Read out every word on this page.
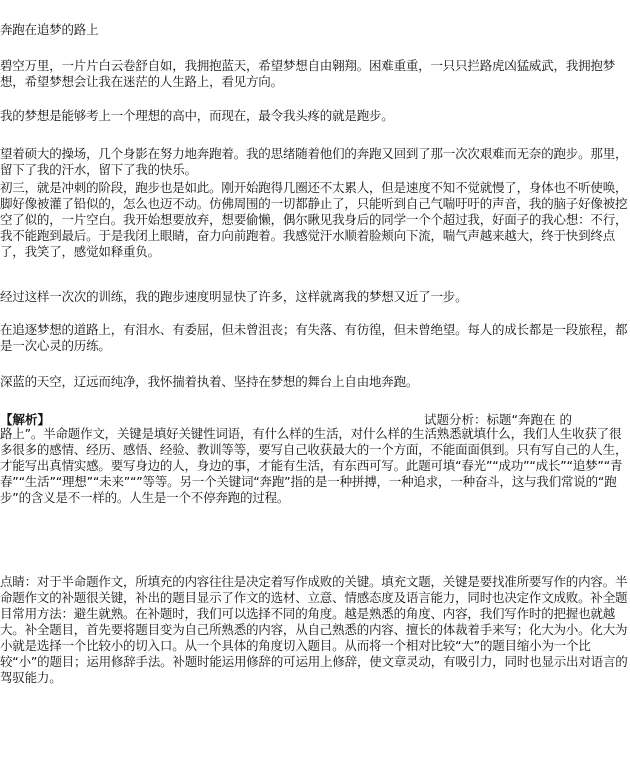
奔跑在追梦的路上
碧空万里，一片片白云卷舒自如，我拥抱蓝天，希望梦想自由翱翔。困难重重，一只只拦路虎凶猛威武，我拥抱梦想，希望梦想会让我在迷茫的人生路上，看见方向。
我的梦想是能够考上一个理想的高中，而现在，最令我头疼的就是跑步。
望着硕大的操场，几个身影在努力地奔跑着。我的思绪随着他们的奔跑又回到了那一次次艰难而无奈的跑步。那里，留下了我的汗水，留下了我的快乐。
初三，就是冲刺的阶段，跑步也是如此。刚开始跑得几圈还不太累人，但是速度不知不觉就慢了，身体也不听使唤，脚好像被灌了铅似的，怎么也迈不动。仿佛周围的一切都静止了，只能听到自己气喘吁吁的声音，我的脑子好像被挖空了似的，一片空白。我开始想要放弃，想要偷懒，偶尔瞅见我身后的同学一个个超过我，好面子的我心想：不行，我不能跑到最后。于是我闭上眼睛，奋力向前跑着。我感觉汗水顺着脸颊向下流，喘气声越来越大，终于快到终点了，我笑了，感觉如释重负。
经过这样一次次的训练，我的跑步速度明显快了许多，这样就离我的梦想又近了一步。
在追逐梦想的道路上，有泪水、有委屈，但未曾沮丧；有失落、有彷徨，但未曾绝望。每人的成长都是一段旅程，都是一次心灵的历练。
深蓝的天空，辽远而纯净，我怀揣着执着、坚持在梦想的舞台上自由地奔跑。
【解析】	试题分析：标题“奔跑在 的
路上”。半命题作文，关键是填好关键性词语，有什么样的生活，对什么样的生活熟悉就填什么，我们人生收获了很多很多的感情、经历、感悟、经验、教训等等，要写自己收获最大的一个方面，不能面面俱到。只有写自己的人生，才能写出真情实感。要写身边的人，身边的事，才能有生活，有东西可写。此题可填“春光”“成功”“成长”“追梦”“青春”“生活”“理想”“未来”“”等等。另一个关键词“奔跑”指的是一种拼搏，一种追求，一种奋斗，这与我们常说的“跑步”的含义是不一样的。人生是一个不停奔跑的过程。
点睛：对于半命题作文，所填充的内容往往是决定着写作成败的关键。填充文题，关键是要找准所要写作的内容。半命题作文的补题很关键，补出的题目显示了作文的选材、立意、情感态度及语言能力，同时也决定作文成败。补全题目常用方法：避生就熟。在补题时，我们可以选择不同的角度。越是熟悉的角度、内容，我们写作时的把握也就越大。补全题目，首先要将题目变为自己所熟悉的内容，从自己熟悉的内容、擅长的体裁着手来写；化大为小。化大为小就是选择一个比较小的切入口。从一个具体的角度切入题目。从而将一个相对比较“大”的题目缩小为一个比较“小”的题目；运用修辞手法。补题时能运用修辞的可运用上修辞，使文章灵动，有吸引力，同时也显示出对语言的驾驭能力。
